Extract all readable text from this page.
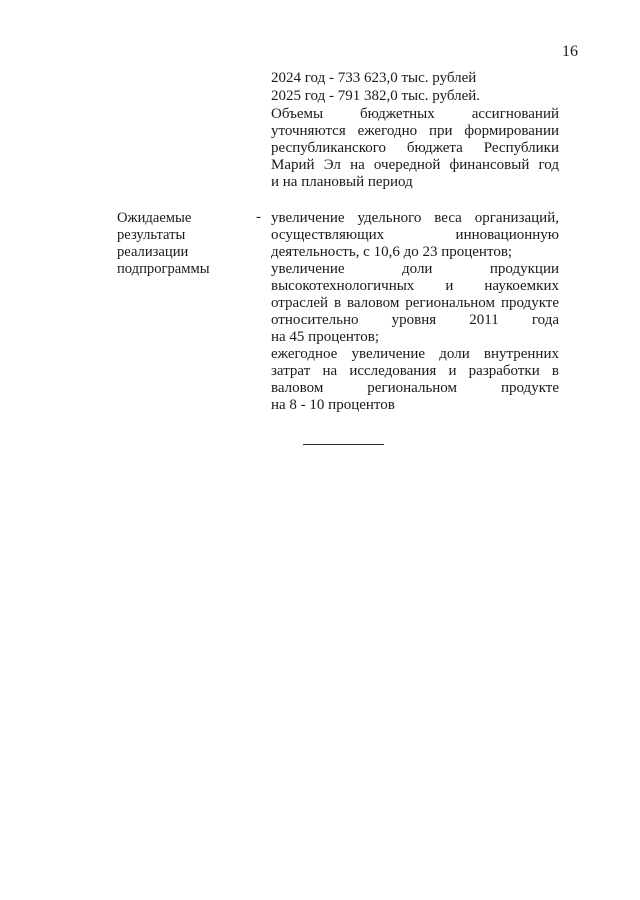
16
2024 год - 733 623,0 тыс. рублей
2025 год - 791 382,0 тыс. рублей.
Объемы бюджетных ассигнований
уточняются ежегодно при формировании
республиканского бюджета Республики
Марий Эл на очередной финансовый год
и на плановый период
Ожидаемые
результаты
реализации
подпрограммы
- увеличение удельного веса организаций,
осуществляющих инновационную
деятельность, с 10,6 до 23 процентов;
увеличение доли продукции
высокотехнологичных и наукоемких
отраслей в валовом региональном продукте
относительно уровня 2011 года
на 45 процентов;
ежегодное увеличение доли внутренних
затрат на исследования и разработки в
валовом региональном продукте
на 8 - 10 процентов
